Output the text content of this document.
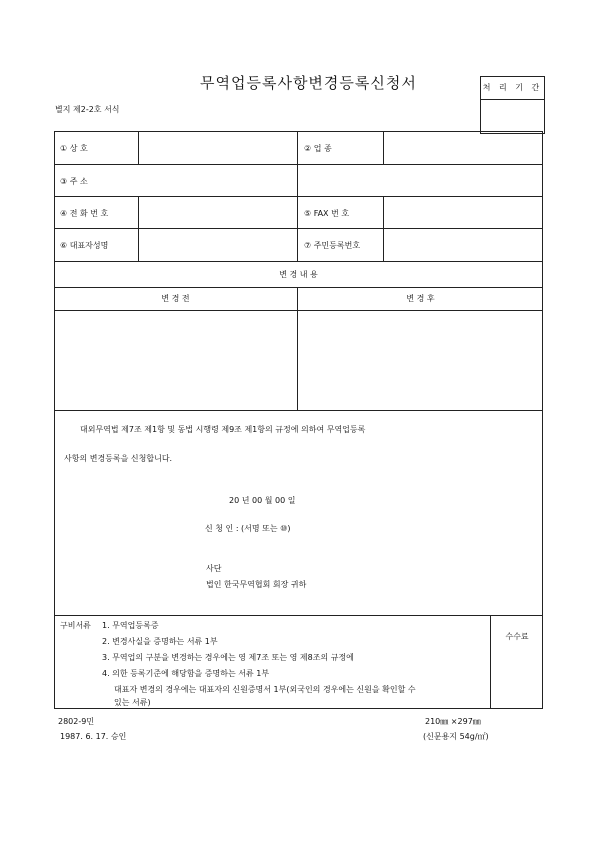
무역업등록사항변경등록신청서	처 리 기 간
별지 제2-2호 서식
① 상 호	② 업 종
③ 주 소
④ 전 화 번 호	⑤ FAX 번 호
⑥ 대표자성명	⑦ 주민등록번호
변 경 내 용
변 경 전	변 경 후
대외무역법 제7조 제1항 및 동법 시행령 제9조 제1항의 규정에 의하여 무역업등록
사항의 변경등록을 신청합니다.
20 년 00 월 00 일
신 청 인 : (서명 또는 ⑩)
사단
법인 한국무역협회 회장 귀하
구비서류 1. 무역업등록증
2. 변경사실을 증명하는 서류 1부
3. 무역업의 구분을 변경하는 경우에는 영 제7조 또는 영 제8조의 규정에
4. 의한 등록기준에 해당함을 증명하는 서류 1부
대표자 변경의 경우에는 대표자의 신원증명서 1부(외국인의 경우에는 신원을 확인할 수
있는 서류)
수수료
2802-9민
1987. 6. 17. 승인
210㎜ ×297㎜
(신문용지 54g/㎡)
